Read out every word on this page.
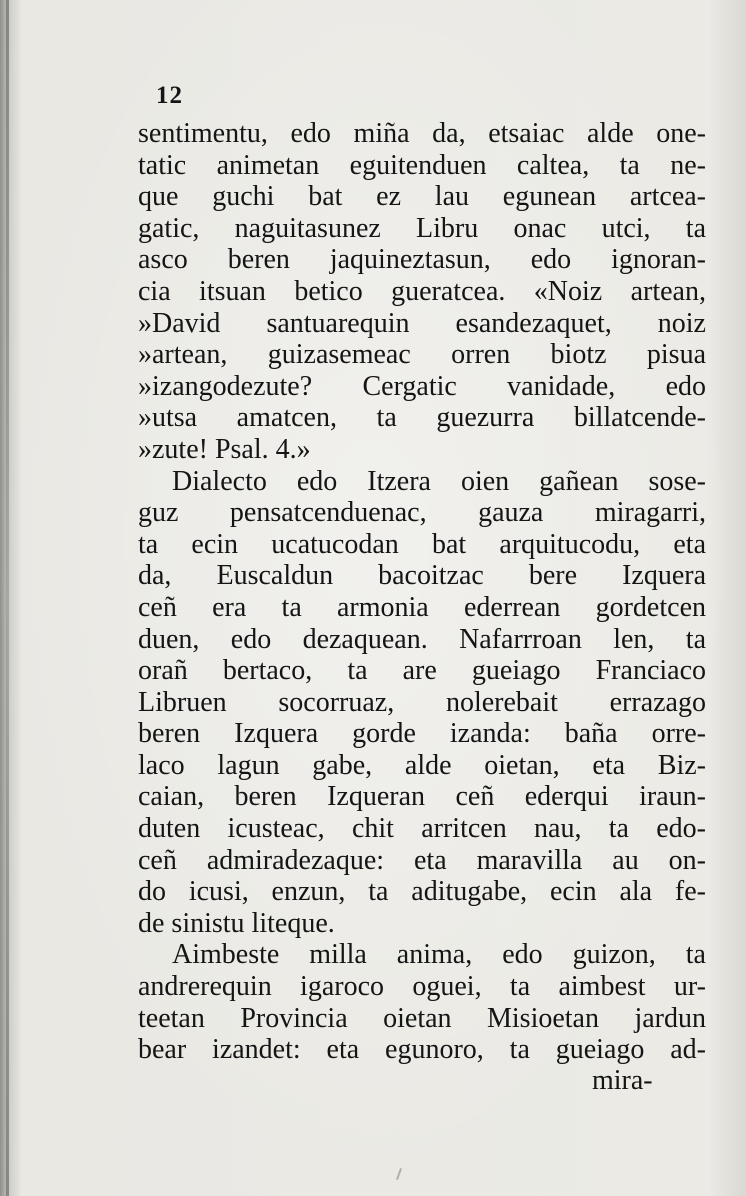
12
sentimentu, edo miña da, etsaiac alde one-
tatic animetan eguitenduen caltea, ta ne-
que guchi bat ez lau egunean artcea-
gatic, naguitasunez Libru onac utci, ta
asco beren jaquineztasun, edo ignoran-
cia itsuan betico gueratcea. «Noiz artean,
»David santuarequin esandezaquet, noiz
»artean, guizasemeac orren biotz pisua
»izangodezute? Cergatic vanidade, edo
»utsa amatcen, ta guezurra billatcende-
»zute! Psal. 4.»
Dialecto edo Itzera oien gañean sose-
guz pensatcenduenac, gauza miragarri,
ta ecin ucatucodan bat arquitucodu, eta
da, Euscaldun bacoitzac bere Izquera
ceñ era ta armonia ederrean gordetcen
duen, edo dezaquean. Nafarrroan len, ta
orañ bertaco, ta are gueiago Franciaco
Libruen socorruaz, nolerebait errazago
beren Izquera gorde izanda: baña orre-
laco lagun gabe, alde oietan, eta Biz-
caian, beren Izqueran ceñ ederqui iraun-
duten icusteac, chit arritcen nau, ta edo-
ceñ admiradezaque: eta maravilla au on-
do icusi, enzun, ta aditugabe, ecin ala fe-
de sinistu liteque.
Aimbeste milla anima, edo guizon, ta
andrerequin igaroco oguei, ta aimbest ur-
teetan Provincia oietan Misioetan jardun
bear izandet: eta egunoro, ta gueiago ad-
mira-
